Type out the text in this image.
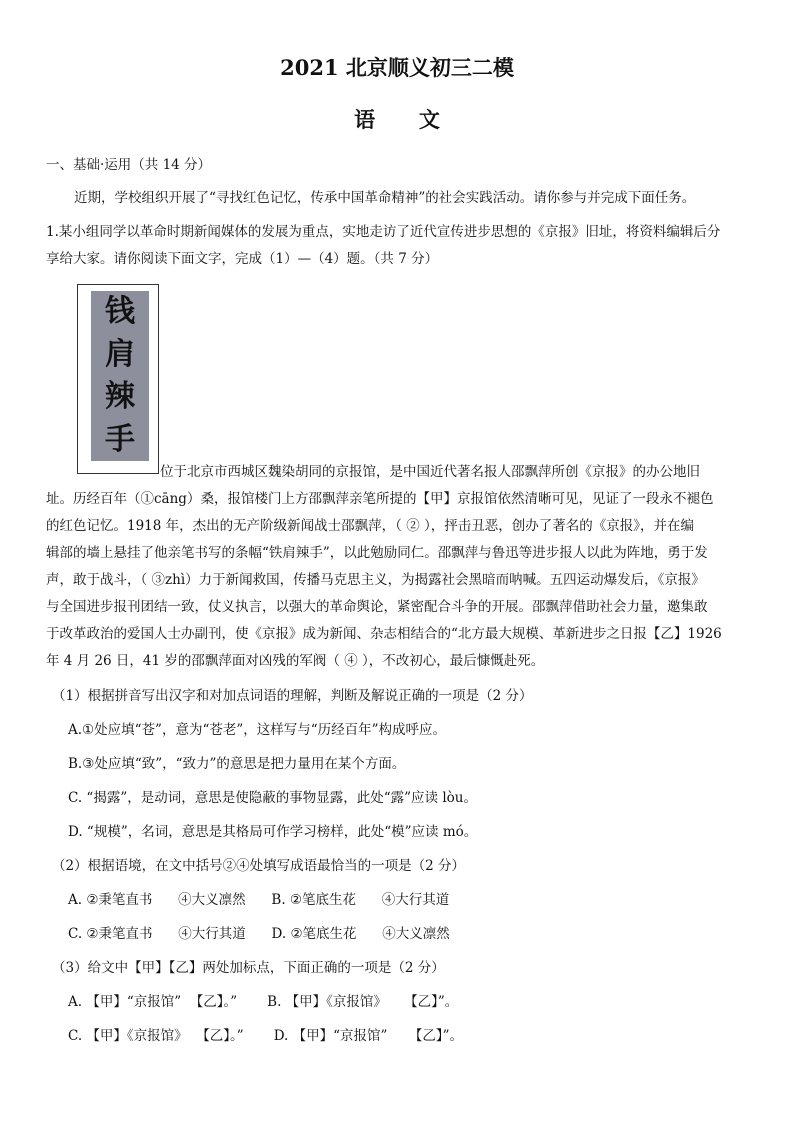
2021 北京顺义初三二模
语      文
一、基础·运用（共 14 分）
近期，学校组织开展了“寻找红色记忆，传承中国革命精神”的社会实践活动。请你参与并完成下面任务。
1.某小组同学以革命时期新闻媒体的发展为重点，实地走访了近代宣传进步思想的《京报》旧址，将资料编辑后分
享给大家。请你阅读下面文字，完成（1）—（4）题。（共 7 分）
钱
肩
辣
手
位于北京市西城区魏染胡同的京报馆，是中国近代著名报人邵飘萍所创《京报》的办公地旧
址。历经百年（①cāng）桑，报馆楼门上方邵飘萍亲笔所提的【甲】京报馆依然清晰可见，见证了一段永不褪色
的红色记忆。1918 年，杰出的无产阶级新闻战士邵飘萍，（ ② ），抨击丑恶，创办了著名的《京报》，并在编
辑部的墙上悬挂了他亲笔书写的条幅“铁肩辣手”，以此勉励同仁。邵飘萍与鲁迅等进步报人以此为阵地，勇于发
声，敢于战斗，（ ③zhì）力于新闻救国，传播马克思主义，为揭露社会黑暗而呐喊。五四运动爆发后，《京报》
与全国进步报刊团结一致，仗义执言，以强大的革命舆论，紧密配合斗争的开展。邵飘萍借助社会力量，邀集敢
于改革政治的爱国人士办副刊，使《京报》成为新闻、杂志相结合的“北方最大规模、革新进步之日报【乙】1926
年 4 月 26 日，41 岁的邵飘萍面对凶残的军阀（ ④ ），不改初心，最后慷慨赴死。
（1）根据拼音写出汉字和对加点词语的理解，判断及解说正确的一项是（2 分）
A.①处应填“苍”，意为“苍老”，这样写与“历经百年”构成呼应。
B.③处应填“致”，“致力”的意思是把力量用在某个方面。
C. “揭露”，是动词，意思是使隐蔽的事物显露，此处“露”应读 lòu。
D. “规模”，名词，意思是其格局可作学习榜样，此处“模”应读 mó。
（2）根据语境，在文中括号②④处填写成语最恰当的一项是（2 分）
A. ②秉笔直书      ④大义凛然      B. ②笔底生花      ④大行其道
C. ②秉笔直书      ④大行其道      D. ②笔底生花      ④大义凛然
（3）给文中【甲】【乙】两处加标点，下面正确的一项是（2 分）
A. 【甲】“京报馆”  【乙】。”       B. 【甲】《京报馆》    【乙】”。
C. 【甲】《京报馆》  【乙】。”       D. 【甲】“京报馆”     【乙】”。
